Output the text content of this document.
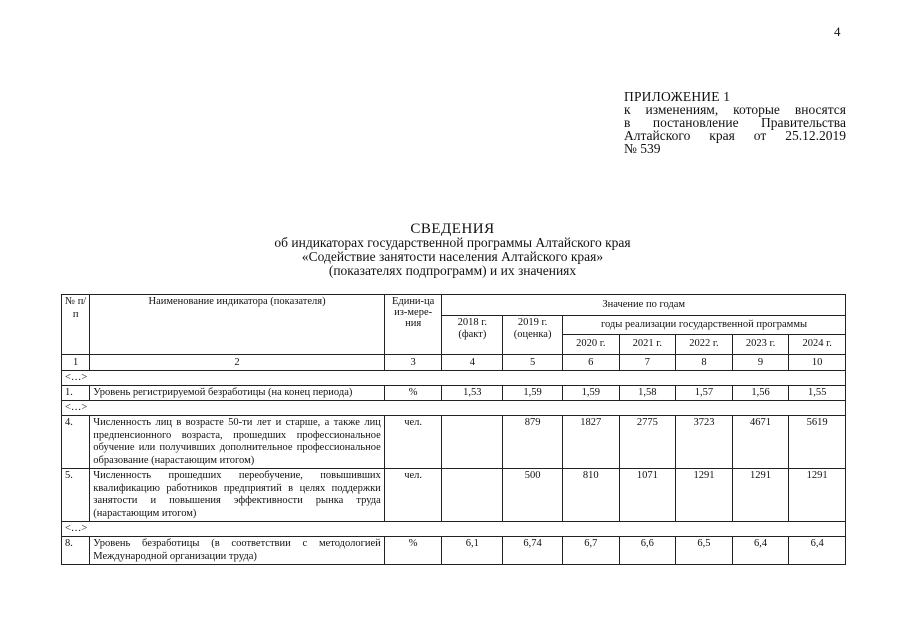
4
ПРИЛОЖЕНИЕ 1
к изменениям, которые вносятся
в постановление Правительства
Алтайского края от 25.12.2019
№ 539
СВЕДЕНИЯ
об индикаторах государственной программы Алтайского края
«Содействие занятости населения Алтайского края»
(показателях подпрограмм) и их значениях
№ п/п	Наименование индикатора (показателя)	Едини-ца из-мере-ния	Значение по годам						
			2018 г. (факт)	2019 г. (оценка)	годы реализации государственной программы				
					2020 г.	2021 г.	2022 г.	2023 г.	2024 г.
1	2	3	4	5	6	7	8	9	10
<…>									
1.	Уровень регистрируемой безработицы (на конец периода)	%	1,53	1,59	1,59	1,58	1,57	1,56	1,55
<…>									
4.	Численность лиц в возрасте 50-ти лет и старше, а также лиц предпенсионного возраста, прошедших профессиональное обучение или получивших дополнительное профессиональное образование (нарастающим итогом)	чел.		879	1827	2775	3723	4671	5619
5.	Численность прошедших переобучение, повышивших квалификацию работников предприятий в целях поддержки занятости и повышения эффективности рынка труда (нарастающим итогом)	чел.		500	810	1071	1291	1291	1291
<…>									
8.	Уровень безработицы (в соответствии с методологией Международной организации труда)	%	6,1	6,74	6,7	6,6	6,5	6,4	6,4
